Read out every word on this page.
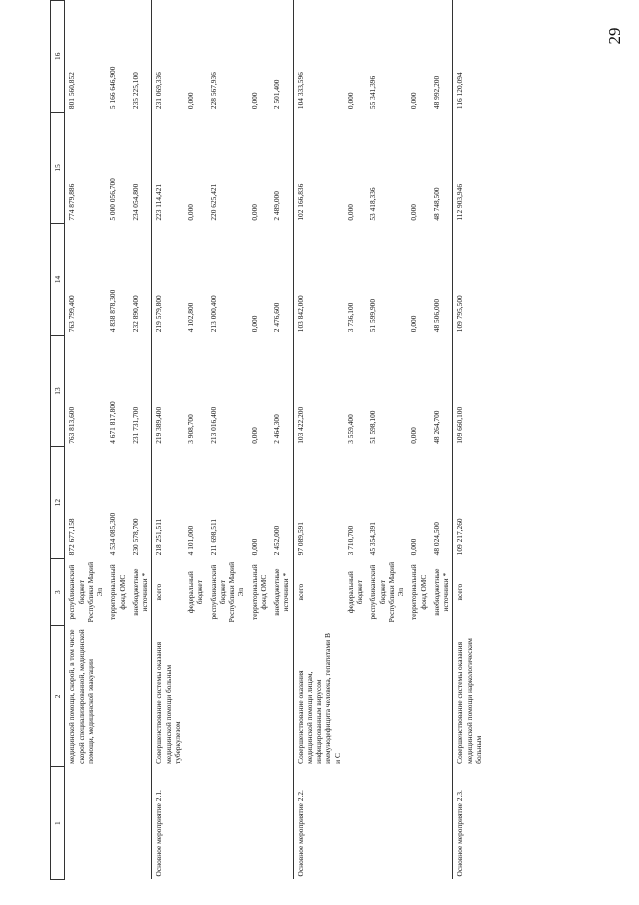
29
1	2	3	12	13	14	15	16
	медицинской помощи, скорой, в том числе скорой специализированной, медицинской помощи, медицинской эвакуации	республиканский бюджет Республики Марий Эл	872 677,158	763 813,600	763 799,400	774 879,886	801 560,852
		территориальный фонд ОМС	4 534 085,300	4 671 817,800	4 838 878,300	5 000 056,700	5 166 646,900
		внебюджетные источники *	230 578,700	231 731,700	232 890,400	234 054,800	235 225,100
Основное мероприятие 2.1.	Совершенствование системы оказания медицинской помощи больным туберкулезом	всего	218 251,511	219 389,400	219 579,800	223 114,421	231 069,336
		федеральный бюджет	4 101,000	3 908,700	4 102,800	0,000	0,000
		республиканский бюджет Республики Марий Эл	211 698,511	213 016,400	213 000,400	220 625,421	228 567,936
		территориальный фонд ОМС	0,000	0,000	0,000	0,000	0,000
		внебюджетные источники *	2 452,000	2 464,300	2 476,600	2 489,000	2 501,400
Основное мероприятие 2.2.	Совершенствование оказания медицинской помощи лицам, инфицированным вирусом иммунодефицита человека, гепатитами B и C	всего	97 089,591	103 422,200	103 842,000	102 166,836	104 333,596
		федеральный бюджет	3 710,700	3 559,400	3 736,100	0,000	0,000
		республиканский бюджет Республики Марий Эл	45 354,391	51 598,100	51 599,900	53 418,336	55 341,396
		территориальный фонд ОМС	0,000	0,000	0,000	0,000	0,000
		внебюджетные источники *	48 024,500	48 264,700	48 506,000	48 748,500	48 992,200
Основное мероприятие 2.3.	Совершенствование системы оказания медицинской помощи наркологическим больным	всего	109 217,260	109 660,100	109 795,500	112 903,946	116 120,094
